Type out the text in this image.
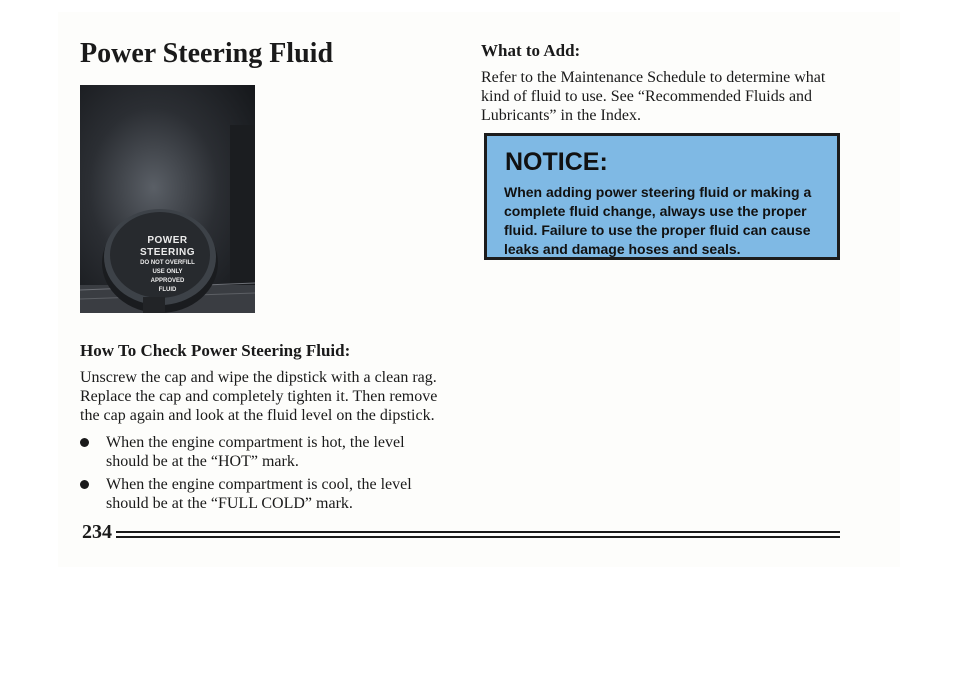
Power Steering Fluid
POWER
STEERING
DO NOT OVERFILL
USE ONLY
APPROVED
FLUID
How To Check Power Steering Fluid:

Unscrew the cap and wipe the dipstick with a clean rag. Replace the cap and completely tighten it. Then remove the cap again and look at the fluid level on the dipstick.

When the engine compartment is hot, the level should be at the “HOT” mark.
When the engine compartment is cool, the level should be at the “FULL COLD” mark.
What to Add:

Refer to the Maintenance Schedule to determine what kind of fluid to use. See “Recommended Fluids and Lubricants” in the Index.

NOTICE:

When adding power steering fluid or making a complete fluid change, always use the proper fluid. Failure to use the proper fluid can cause leaks and damage hoses and seals.

234
